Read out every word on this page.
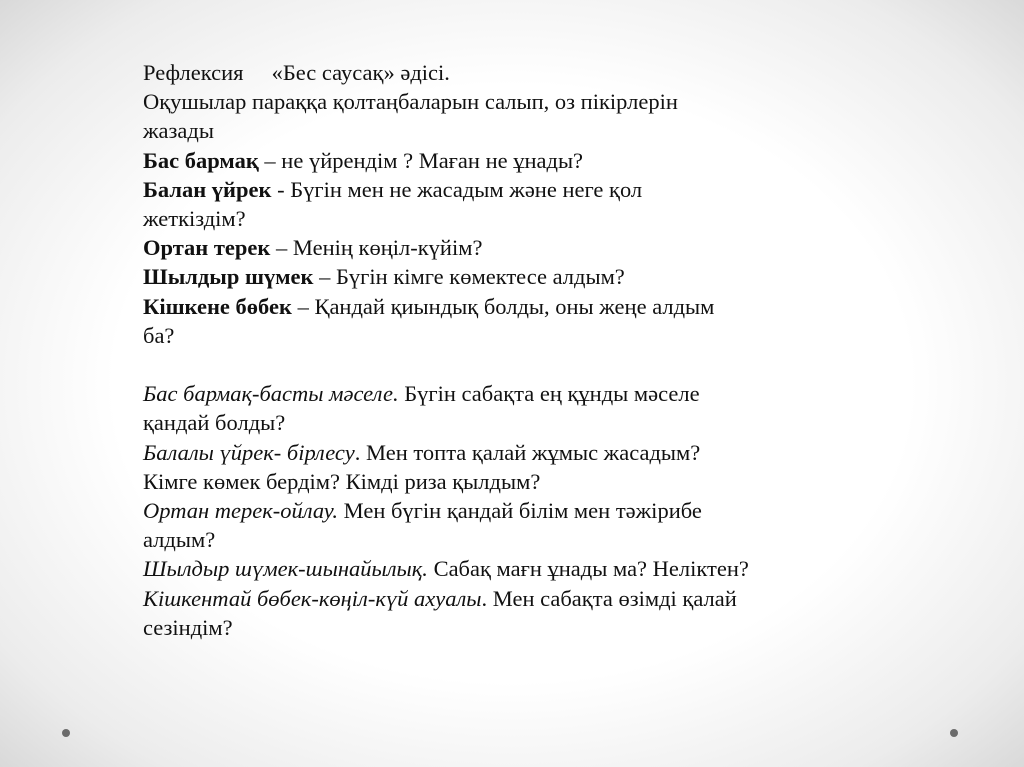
Рефлексия «Бес саусақ» әдісі.
Оқушылар параққа қолтаңбаларын салып, оз пікірлерін
жазады
Бас бармақ – не үйрендім ? Маған не ұнады?
Балан үйрек - Бүгін мен не жасадым және неге қол
жеткіздім?
Ортан терек – Менің көңіл-күйім?
Шылдыр шүмек – Бүгін кімге көмектесе алдым?
Кішкене бөбек – Қандай қиындық болды, оны жеңе алдым
ба?
Бас бармақ-басты мәселе. Бүгін сабақта ең құнды мәселе
қандай болды?
Балалы үйрек- бірлесу. Мен топта қалай жұмыс жасадым?
Кімге көмек бердім? Кімді риза қылдым?
Ортан терек-ойлау. Мен бүгін қандай білім мен тәжірибе
алдым?
Шылдыр шүмек-шынайылық. Сабақ мағн ұнады ма? Неліктен?
Кішкентай бөбек-көңіл-күй ахуалы. Мен сабақта өзімді қалай
сезіндім?
